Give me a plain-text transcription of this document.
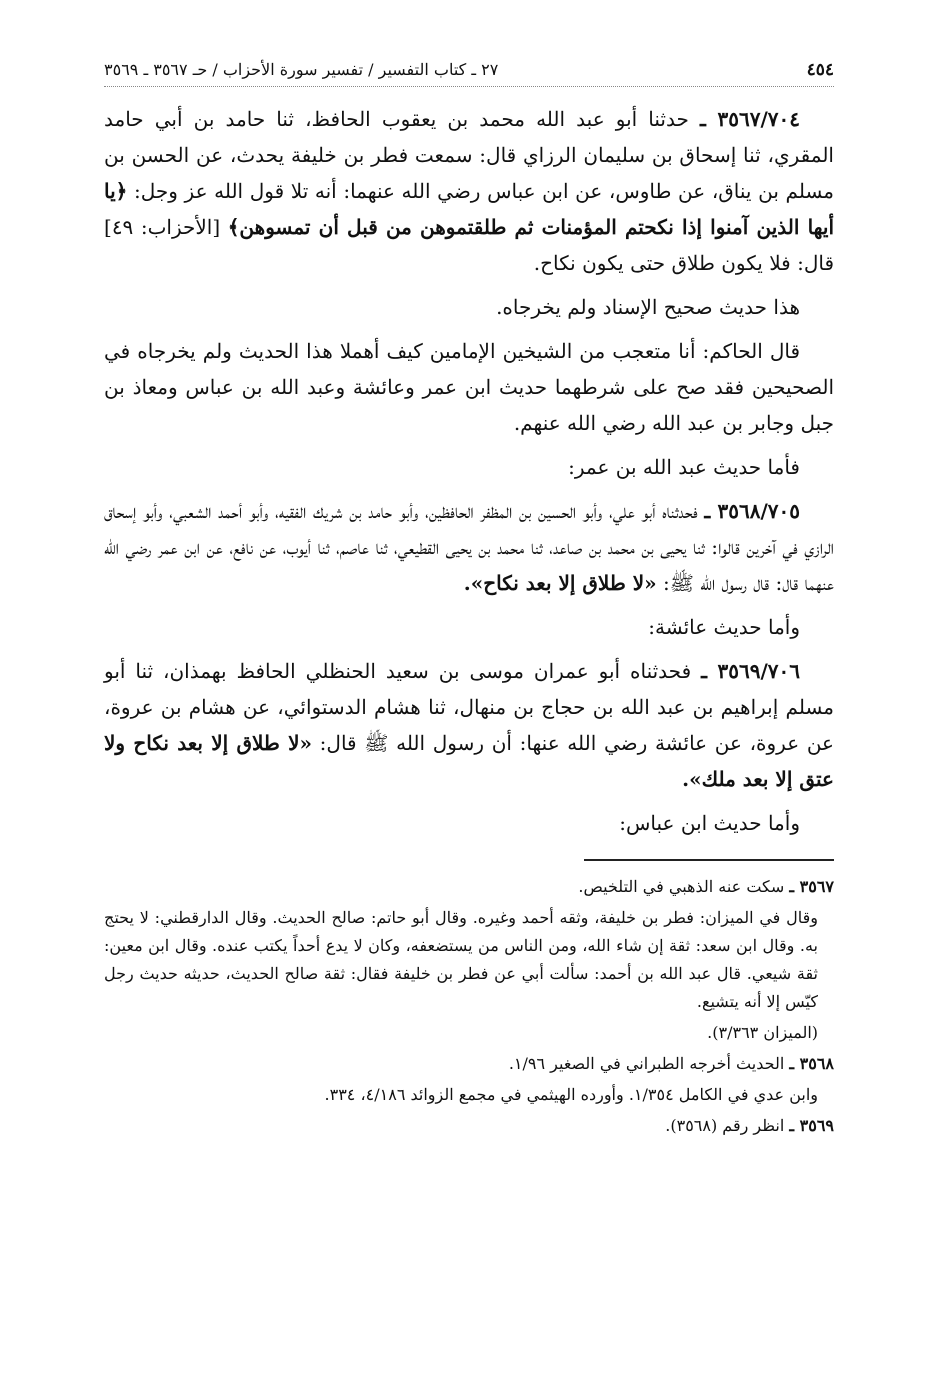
٤٥٤
٢٧ ـ كتاب التفسير / تفسير سورة الأحزاب / حـ ٣٥٦٧ ـ ٣٥٦٩

٣٥٦٧/٧٠٤ ـ حدثنا أبو عبد الله محمد بن يعقوب الحافظ، ثنا حامد بن أبي حامد المقري، ثنا إسحاق بن سليمان الرزاي قال: سمعت فطر بن خليفة يحدث، عن الحسن بن مسلم بن يناق، عن طاوس، عن ابن عباس رضي الله عنهما: أنه تلا قول الله عز وجل: ﴿يا أيها الذين آمنوا إذا نكحتم المؤمنات ثم طلقتموهن من قبل أن تمسوهن﴾ [الأحزاب: ٤٩] قال: فلا يكون طلاق حتى يكون نكاح.

هذا حديث صحيح الإسناد ولم يخرجاه.

قال الحاكم: أنا متعجب من الشيخين الإمامين كيف أهملا هذا الحديث ولم يخرجاه في الصحيحين فقد صح على شرطهما حديث ابن عمر وعائشة وعبد الله بن عباس ومعاذ بن جبل وجابر بن عبد الله رضي الله عنهم.

فأما حديث عبد الله بن عمر:

٣٥٦٨/٧٠٥ ـ فحدثناه أبو علي، وأبو الحسين بن المظفر الحافظين، وأبو حامد بن شريك الفقيه، وأبو أحمد الشعبي، وأبو إسحاق الرازي في آخرين قالوا: ثنا يحيى بن محمد بن صاعد، ثنا محمد بن يحيى القطيعي، ثنا عاصم، ثنا أيوب، عن نافع، عن ابن عمر رضي الله عنهما قال: قال رسول الله ﷺ: «لا طلاق إلا بعد نكاح».

وأما حديث عائشة:

٣٥٦٩/٧٠٦ ـ فحدثناه أبو عمران موسى بن سعيد الحنظلي الحافظ بهمذان، ثنا أبو مسلم إبراهيم بن عبد الله بن حجاج بن منهال، ثنا هشام الدستوائي، عن هشام بن عروة، عن عروة، عن عائشة رضي الله عنها: أن رسول الله ﷺ قال: «لا طلاق إلا بعد نكاح ولا عتق إلا بعد ملك».

وأما حديث ابن عباس:

٣٥٦٧ ـ سكت عنه الذهبي في التلخيص.

وقال في الميزان: فطر بن خليفة، وثقه أحمد وغيره. وقال أبو حاتم: صالح الحديث. وقال الدارقطني: لا يحتج به. وقال ابن سعد: ثقة إن شاء الله، ومن الناس من يستضعفه، وكان لا يدع أحداً يكتب عنده. وقال ابن معين: ثقة شيعي. قال عبد الله بن أحمد: سألت أبي عن فطر بن خليفة فقال: ثقة صالح الحديث، حديثه حديث رجل كيّس إلا أنه يتشيع.

(الميزان ٣/٣٦٣).

٣٥٦٨ ـ الحديث أخرجه الطبراني في الصغير ١/٩٦.

وابن عدي في الكامل ١/٣٥٤. وأورده الهيثمي في مجمع الزوائد ٤/١٨٦، ٣٣٤.

٣٥٦٩ ـ انظر رقم (٣٥٦٨).
